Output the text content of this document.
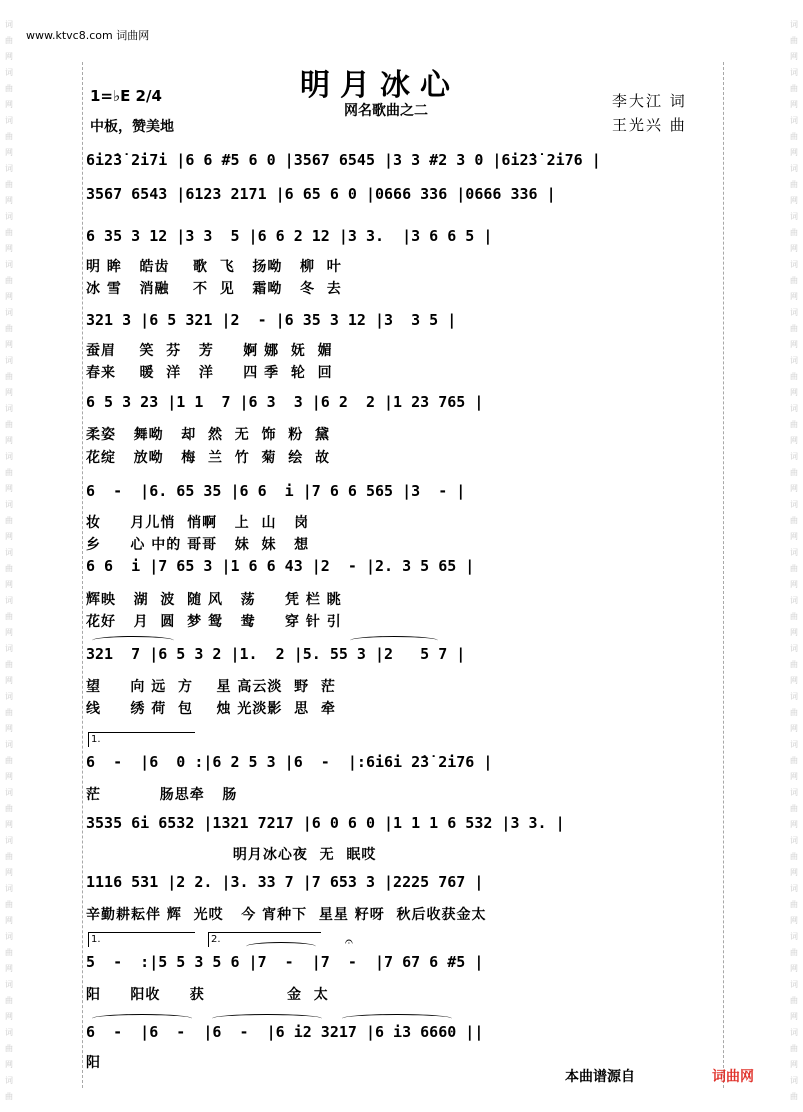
词
曲
网
词
曲
网
词
曲
网
词
曲
网
词
曲
网
词
曲
网
词
曲
网
词
曲
网
词
曲
网
词
曲
网
词
曲
网
词
曲
网
词
曲
网
词
曲
网
词
曲
网
词
曲
网
词
曲
网
词
曲
网
词
曲
网
词
曲
网
词
曲
网
词
曲
网
词
曲
词
曲
网
词
曲
网
词
曲
网
词
曲
网
词
曲
网
词
曲
网
词
曲
网
词
曲
网
词
曲
网
词
曲
网
词
曲
网
词
曲
网
词
曲
网
词
曲
网
词
曲
网
词
曲
网
词
曲
网
词
曲
网
词
曲
网
词
曲
网
词
曲
网
词
曲
网
词
曲
www.ktvc8.com 词曲网
明月冰心
网名歌曲之二
1=♭E 2/4
中板，赞美地
李大江 词
王光兴 曲
6i2̇3̇ 2̇i7i |6 6 #5 6 0 |3567 6545 |3 3 #2 3 0 |6i2̇3̇ 2̇i76 |
3567 6543 |6123 2171 |6 65 6 0 |0666 336 |0666 336 |
6 35 3 12 |3 3  5 |6 6 2 12 |3 3.  |3 6 6 5 |
明 眸   皓齿    歌  飞   扬呦   柳  叶
冰 雪   消融    不  见   霜呦   冬  去
321 3 |6 5 321 |2  - |6 35 3 12 |3  3 5 |
蚕眉    笑  芬   芳     婀 娜  妩  媚
春来    暖  洋   洋     四 季  轮  回
6 5 3 23 |1 1  7 |6 3  3 |6 2  2 |1 23 765 |
柔姿   舞呦   却  然  无  饰  粉  黛
花绽   放呦   梅  兰  竹  菊  绘  故
6  -  |6. 65 35 |6 6  i |7 6 6 565 |3  - |
妆     月儿悄  悄啊   上  山   岗
乡     心 中的 哥哥   妹  妹   想
6 6  i |7 65 3 |1 6 6 43 |2  - |2. 3 5 65 |
辉映   湖  波  随 风   荡     凭 栏 眺
花好   月  圆  梦 鸳   鸯     穿 针 引
321  7 |6 5 3 2 |1.  2 |5. 55 3 |2   5 7 |
望     向 远  方    星 高云淡  野  茫
线     绣 荷  包    烛 光淡影  思  牵
1.
6  -  |6  0 :|6 2 5 3 |6  -  |:6i6i 2̇3̇ 2̇i76 |
茫          肠思牵   肠
3535 6i 6532 |1321 7217 |6 0 6 0 |1 1 1 6 532 |3 3. |
明月冰心夜  无  眠哎
1116 531 |2 2. |3. 33 7 |7 653 3 |2225 767 |
辛勤耕耘伴 辉  光哎   今 宵种下  星星 籽呀  秋后收获金太
1.	2.	𝄐
5  -  :|5 5 3 5 6 |7  -  |7  -  |7 67 6 #5 |
阳     阳收     获              金  太
6  -  |6  -  |6  -  |6 i2 3217 |6 i3 6660 ||
阳
本曲谱源自	词曲网
